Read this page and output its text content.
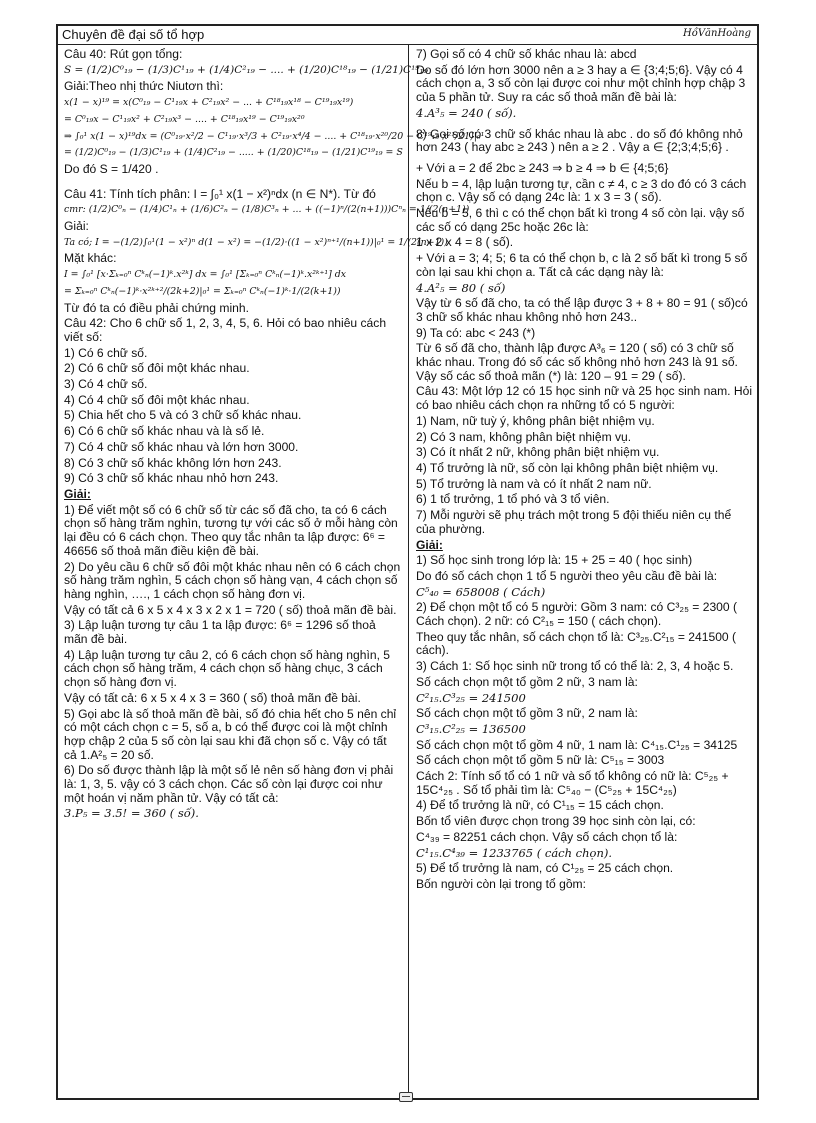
Chuyên đề đại số tổ hợp	HồVănHoàng

Câu 40: Rút gọn tổng:

S = (1/2)C⁰₁₉ − (1/3)C¹₁₉ + (1/4)C²₁₉ − .... + (1/20)C¹⁸₁₉ − (1/21)C¹⁹₁₉

Giải:Theo nhị thức Niutơn thì:

x(1 − x)¹⁹ = x(C⁰₁₉ − C¹₁₉x + C²₁₉x² − ... + C¹⁸₁₉x¹⁸ − C¹⁹₁₉x¹⁹)
= C⁰₁₉x − C¹₁₉x² + C²₁₉x³ − .... + C¹⁸₁₉x¹⁹ − C¹⁹₁₉x²⁰
⇒ ∫₀¹ x(1 − x)¹⁹dx = (C⁰₁₉·x²/2 − C¹₁₉·x³/3 + C²₁₉·x⁴/4 − .... + C¹⁸₁₉·x²⁰/20 − C¹⁹₁₉·x²¹/21)|₀¹
= (1/2)C⁰₁₉ − (1/3)C¹₁₉ + (1/4)C²₁₉ − ..... + (1/20)C¹⁸₁₉ − (1/21)C¹⁹₁₉ = S

Do đó S = 1/420 .

Câu 41: Tính tích phân: I = ∫₀¹ x(1 − x²)ⁿdx (n ∈ N*). Từ đó

cmr: (1/2)C⁰ₙ − (1/4)C¹ₙ + (1/6)C²ₙ − (1/8)C³ₙ + ... + ((−1)ⁿ/(2(n+1)))Cⁿₙ = 1/(2(n+1))

Giải:

Ta có; I = −(1/2)∫₀¹(1 − x²)ⁿ d(1 − x²) = −(1/2)·((1 − x²)ⁿ⁺¹/(n+1))|₀¹ = 1/(2(n+1))

Mặt khác:

I = ∫₀¹ [x·Σₖ₌₀ⁿ Cᵏₙ(−1)ᵏ.x²ᵏ] dx = ∫₀¹ [Σₖ₌₀ⁿ Cᵏₙ(−1)ᵏ.x²ᵏ⁺¹] dx
= Σₖ₌₀ⁿ Cᵏₙ(−1)ᵏ·x²ᵏ⁺²/(2k+2)|₀¹ = Σₖ₌₀ⁿ Cᵏₙ(−1)ᵏ·1/(2(k+1))

Từ đó ta có điều phải chứng minh.

Câu 42: Cho 6 chữ số 1, 2, 3, 4, 5, 6. Hỏi có bao nhiêu cách viết số:

1) Có 6 chữ số.

2) Có 6 chữ số đôi một khác nhau.

3) Có 4 chữ số.

4) Có 4 chữ số đôi một khác nhau.

5) Chia hết cho 5 và có 3 chữ số khác nhau.

6) Có 6 chữ số khác nhau và là số lẻ.

7) Có 4 chữ số khác nhau và lớn hơn 3000.

8) Có 3 chữ số khác không lớn hơn 243.

9) Có 3 chữ số khác nhau nhỏ hơn 243.

Giải:

1) Để viết một số có 6 chữ số từ các số đã cho, ta có 6 cách chọn số hàng trăm nghìn, tương tự với các số ở mỗi hàng còn lại đều có 6 cách chọn. Theo quy tắc nhân ta lập được: 6⁶ = 46656 số thoả mãn điều kiện đề bài.

2) Do yêu cầu 6 chữ số đôi một khác nhau nên có 6 cách chọn số hàng trăm nghìn, 5 cách chọn số hàng vạn, 4 cách chọn số hàng nghìn, …., 1 cách chọn số hàng đơn vị.

Vậy có tất cả 6 x 5 x 4 x 3 x 2 x 1 = 720 ( số) thoả mãn đề bài.

3) Lập luận tương tự câu 1 ta lập được: 6⁶ = 1296 số thoả mãn đề bài.

4) Lập luận tương tự câu 2, có 6 cách chọn số hàng nghìn, 5 cách chọn số hàng trăm, 4 cách chọn số hàng chục, 3 cách chọn số hàng đơn vị.

Vậy có tất cả: 6 x 5 x 4 x 3 = 360 ( số) thoả mãn đề bài.

5) Gọi abc là số thoả mãn đề bài, số đó chia hết cho 5 nên chỉ có một cách chọn c = 5, số a, b có thể được coi là một chỉnh hợp chập 2 của 5 số còn lại sau khi đã chọn số c. Vậy có tất cả 1.A²₅ = 20 số.

6) Do số được thành lập là một số lẻ nên số hàng đơn vị phải là: 1, 3, 5. vậy có 3 cách chọn. Các số còn lại được coi như một hoán vị năm phần tử. Vậy có tất cả:

3.P₅ = 3.5! = 360 ( số).

7) Gọi số có 4 chữ số khác nhau là: abcd

Do số đó lớn hơn 3000 nên a ≥ 3 hay a ∈ {3;4;5;6}. Vậy có 4 cách chọn a, 3 số còn lại được coi như một chỉnh hợp chập 3 của 5 phần tử. Suy ra các số thoả mãn đề bài là:

4.A³₅ = 240 ( số).

8) Gọi số có 3 chữ số khác nhau là abc . do số đó không nhỏ hơn 243 ( hay abc ≥ 243 ) nên a ≥ 2 . Vậy a ∈ {2;3;4;5;6} .

+ Với a = 2 để 2bc ≥ 243 ⇒ b ≥ 4 ⇒ b ∈ {4;5;6}

Nếu b = 4, lập luận tương tự, cần c ≠ 4, c ≥ 3 do đó có 3 cách chọn c. Vậy số có dạng 24c là: 1 x 3 = 3 ( số).

Nếu b = 5, 6 thì c có thể chọn bất kì trong 4 số còn lại. vậy số các số có dạng 25c hoặc 26c là:

1 x 2 x 4 = 8 ( số).

+ Với a = 3; 4; 5; 6 ta có thể chọn b, c là 2 số bất kì trong 5 số còn lại sau khi chọn a. Tất cả các dạng này là:

4.A²₅ = 80 ( số)

Vậy từ 6 số đã cho, ta có thể lập được 3 + 8 + 80 = 91 ( số)có 3 chữ số khác nhau không nhỏ hơn 243..

9) Ta có: abc < 243 (*)

Từ 6 số đã cho, thành lập được A³₆ = 120 ( số) có 3 chữ số khác nhau. Trong đó số các số không nhỏ hơn 243 là 91 số. Vậy số các số thoả mãn (*) là: 120 – 91 = 29 ( số).

Câu 43: Một lớp 12 có 15 học sinh nữ và 25 học sinh nam. Hỏi có bao nhiêu cách chọn ra những tổ có 5 người:

1) Nam, nữ tuỳ ý, không phân biệt nhiệm vụ.

2) Có 3 nam, không phân biệt nhiệm vụ.

3) Có ít nhất 2 nữ, không phân biệt nhiệm vụ.

4) Tổ trưởng là nữ, số còn lại không phân biệt nhiệm vụ.

5) Tổ trưởng là nam và có ít nhất 2 nam nữ.

6) 1 tổ trưởng, 1 tổ phó và 3 tổ viên.

7) Mỗi người sẽ phụ trách một trong 5 đội thiếu niên cụ thể của phường.

Giải:

1) Số học sinh trong lớp là: 15 + 25 = 40 ( học sinh)

Do đó số cách chọn 1 tổ 5 người theo yêu cầu đề bài là:

C⁵₄₀ = 658008 ( Cách)

2) Để chọn một tổ có 5 người: Gồm 3 nam: có C³₂₅ = 2300 ( Cách chọn). 2 nữ: có C²₁₅ = 150 ( cách chọn).

Theo quy tắc nhân, số cách chọn tổ là: C³₂₅.C²₁₅ = 241500 ( cách).

3) Cách 1: Số học sinh nữ trong tổ có thể là: 2, 3, 4 hoặc 5.

Số cách chọn một tổ gồm 2 nữ, 3 nam là:

C²₁₅.C³₂₅ = 241500

Số cách chọn một tổ gồm 3 nữ, 2 nam là:

C³₁₅.C²₂₅ = 136500

Số cách chọn một tổ gồm 4 nữ, 1 nam là: C⁴₁₅.C¹₂₅ = 34125

Số cách chọn một tổ gồm 5 nữ là: C⁵₁₅ = 3003

Cách 2: Tính số tổ có 1 nữ và số tổ không có nữ là: C⁵₂₅ + 15C⁴₂₅ . Số tổ phải tìm là: C⁵₄₀ − (C⁵₂₅ + 15C⁴₂₅)

4) Để tổ trưởng là nữ, có C¹₁₅ = 15 cách chọn.

Bốn tổ viên được chọn trong 39 học sinh còn lại, có:

C⁴₃₉ = 82251 cách chọn. Vậy số cách chọn tổ là:

C¹₁₅.C⁴₃₉ = 1233765 ( cách chọn).

5) Để tổ trưởng là nam, có C¹₂₅ = 25 cách chọn.

Bốn người còn lại trong tổ gồm:
